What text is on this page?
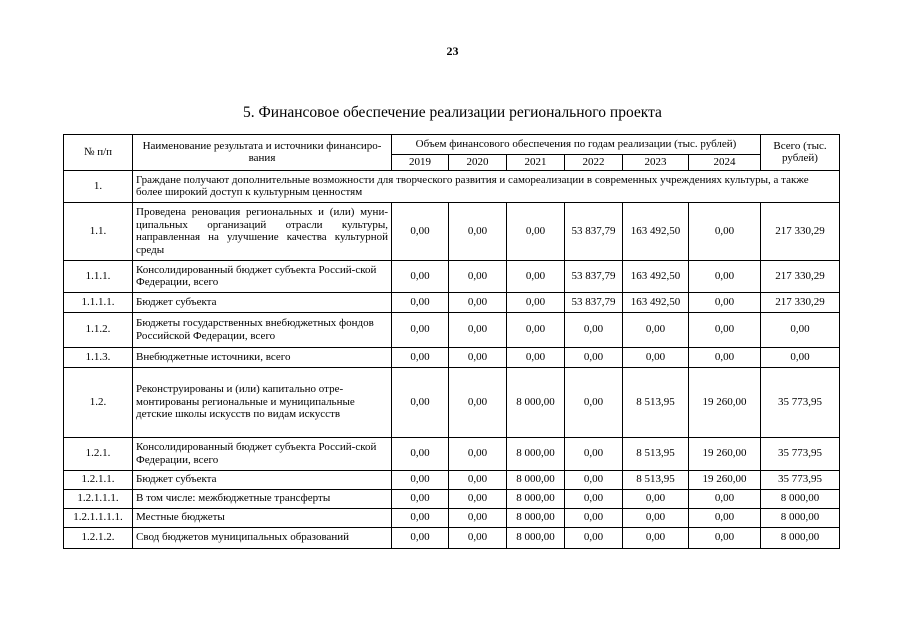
23
5. Финансовое обеспечение реализации регионального проекта
№ п/п	Наименование результата и источники финансиро-вания	Объем финансового обеспечения по годам реализации (тыс. рублей)						Всего (тыс. рублей)
		2019	2020	2021	2022	2023	2024	
1.	Граждане получают дополнительные возможности для творческого развития и самореализации в современных учреждениях культуры, а также более широкий доступ к культурным ценностям							
1.1.	Проведена реновация региональных и (или) муни-ципальных организаций отрасли культуры, направленная на улучшение качества культурной среды	0,00	0,00	0,00	53 837,79	163 492,50	0,00	217 330,29
1.1.1.	Консолидированный бюджет субъекта Россий-ской Федерации, всего	0,00	0,00	0,00	53 837,79	163 492,50	0,00	217 330,29
1.1.1.1.	Бюджет субъекта	0,00	0,00	0,00	53 837,79	163 492,50	0,00	217 330,29
1.1.2.	Бюджеты государственных внебюджетных фондов Российской Федерации, всего	0,00	0,00	0,00	0,00	0,00	0,00	0,00
1.1.3.	Внебюджетные источники, всего	0,00	0,00	0,00	0,00	0,00	0,00	0,00
1.2.	Реконструированы и (или) капитально отре-монтированы региональные и муниципальные детские школы искусств по видам искусств	0,00	0,00	8 000,00	0,00	8 513,95	19 260,00	35 773,95
1.2.1.	Консолидированный бюджет субъекта Россий-ской Федерации, всего	0,00	0,00	8 000,00	0,00	8 513,95	19 260,00	35 773,95
1.2.1.1.	Бюджет субъекта	0,00	0,00	8 000,00	0,00	8 513,95	19 260,00	35 773,95
1.2.1.1.1.	В том числе: межбюджетные трансферты	0,00	0,00	8 000,00	0,00	0,00	0,00	8 000,00
1.2.1.1.1.1.	Местные бюджеты	0,00	0,00	8 000,00	0,00	0,00	0,00	8 000,00
1.2.1.2.	Свод бюджетов муниципальных образований	0,00	0,00	8 000,00	0,00	0,00	0,00	8 000,00
